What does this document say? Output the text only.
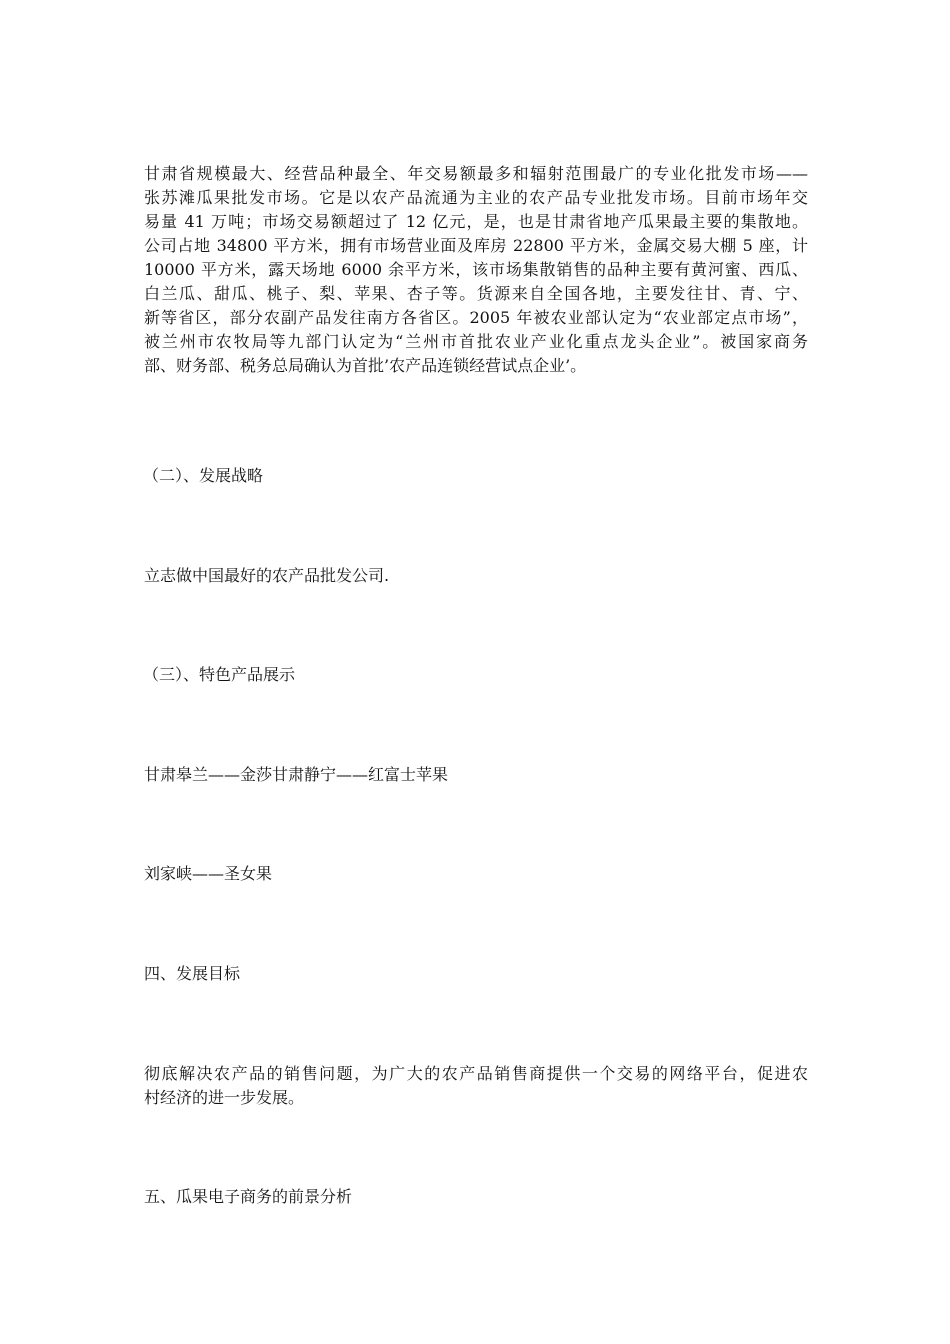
甘肃省规模最大、经营品种最全、年交易额最多和辐射范围最广的专业化批发市场——
张苏滩瓜果批发市场。它是以农产品流通为主业的农产品专业批发市场。目前市场年交
易量 41 万吨；市场交易额超过了 12 亿元，是，也是甘肃省地产瓜果最主要的集散地。
公司占地 34800 平方米，拥有市场营业面及库房 22800 平方米，金属交易大棚 5 座，计
10000 平方米，露天场地 6000 余平方米，该市场集散销售的品种主要有黄河蜜、西瓜、
白兰瓜、甜瓜、桃子、梨、苹果、杏子等。货源来自全国各地，主要发往甘、青、宁、
新等省区，部分农副产品发往南方各省区。2005 年被农业部认定为“农业部定点市场”，
被兰州市农牧局等九部门认定为“兰州市首批农业产业化重点龙头企业”。被国家商务
部、财务部、税务总局确认为首批’农产品连锁经营试点企业’。

（二）、发展战略

立志做中国最好的农产品批发公司.

（三）、特色产品展示

甘肃皋兰——金莎甘肃静宁——红富士苹果

刘家峡——圣女果

四、发展目标

彻底解决农产品的销售问题，为广大的农产品销售商提供一个交易的网络平台，促进农
村经济的进一步发展。

五、瓜果电子商务的前景分析
